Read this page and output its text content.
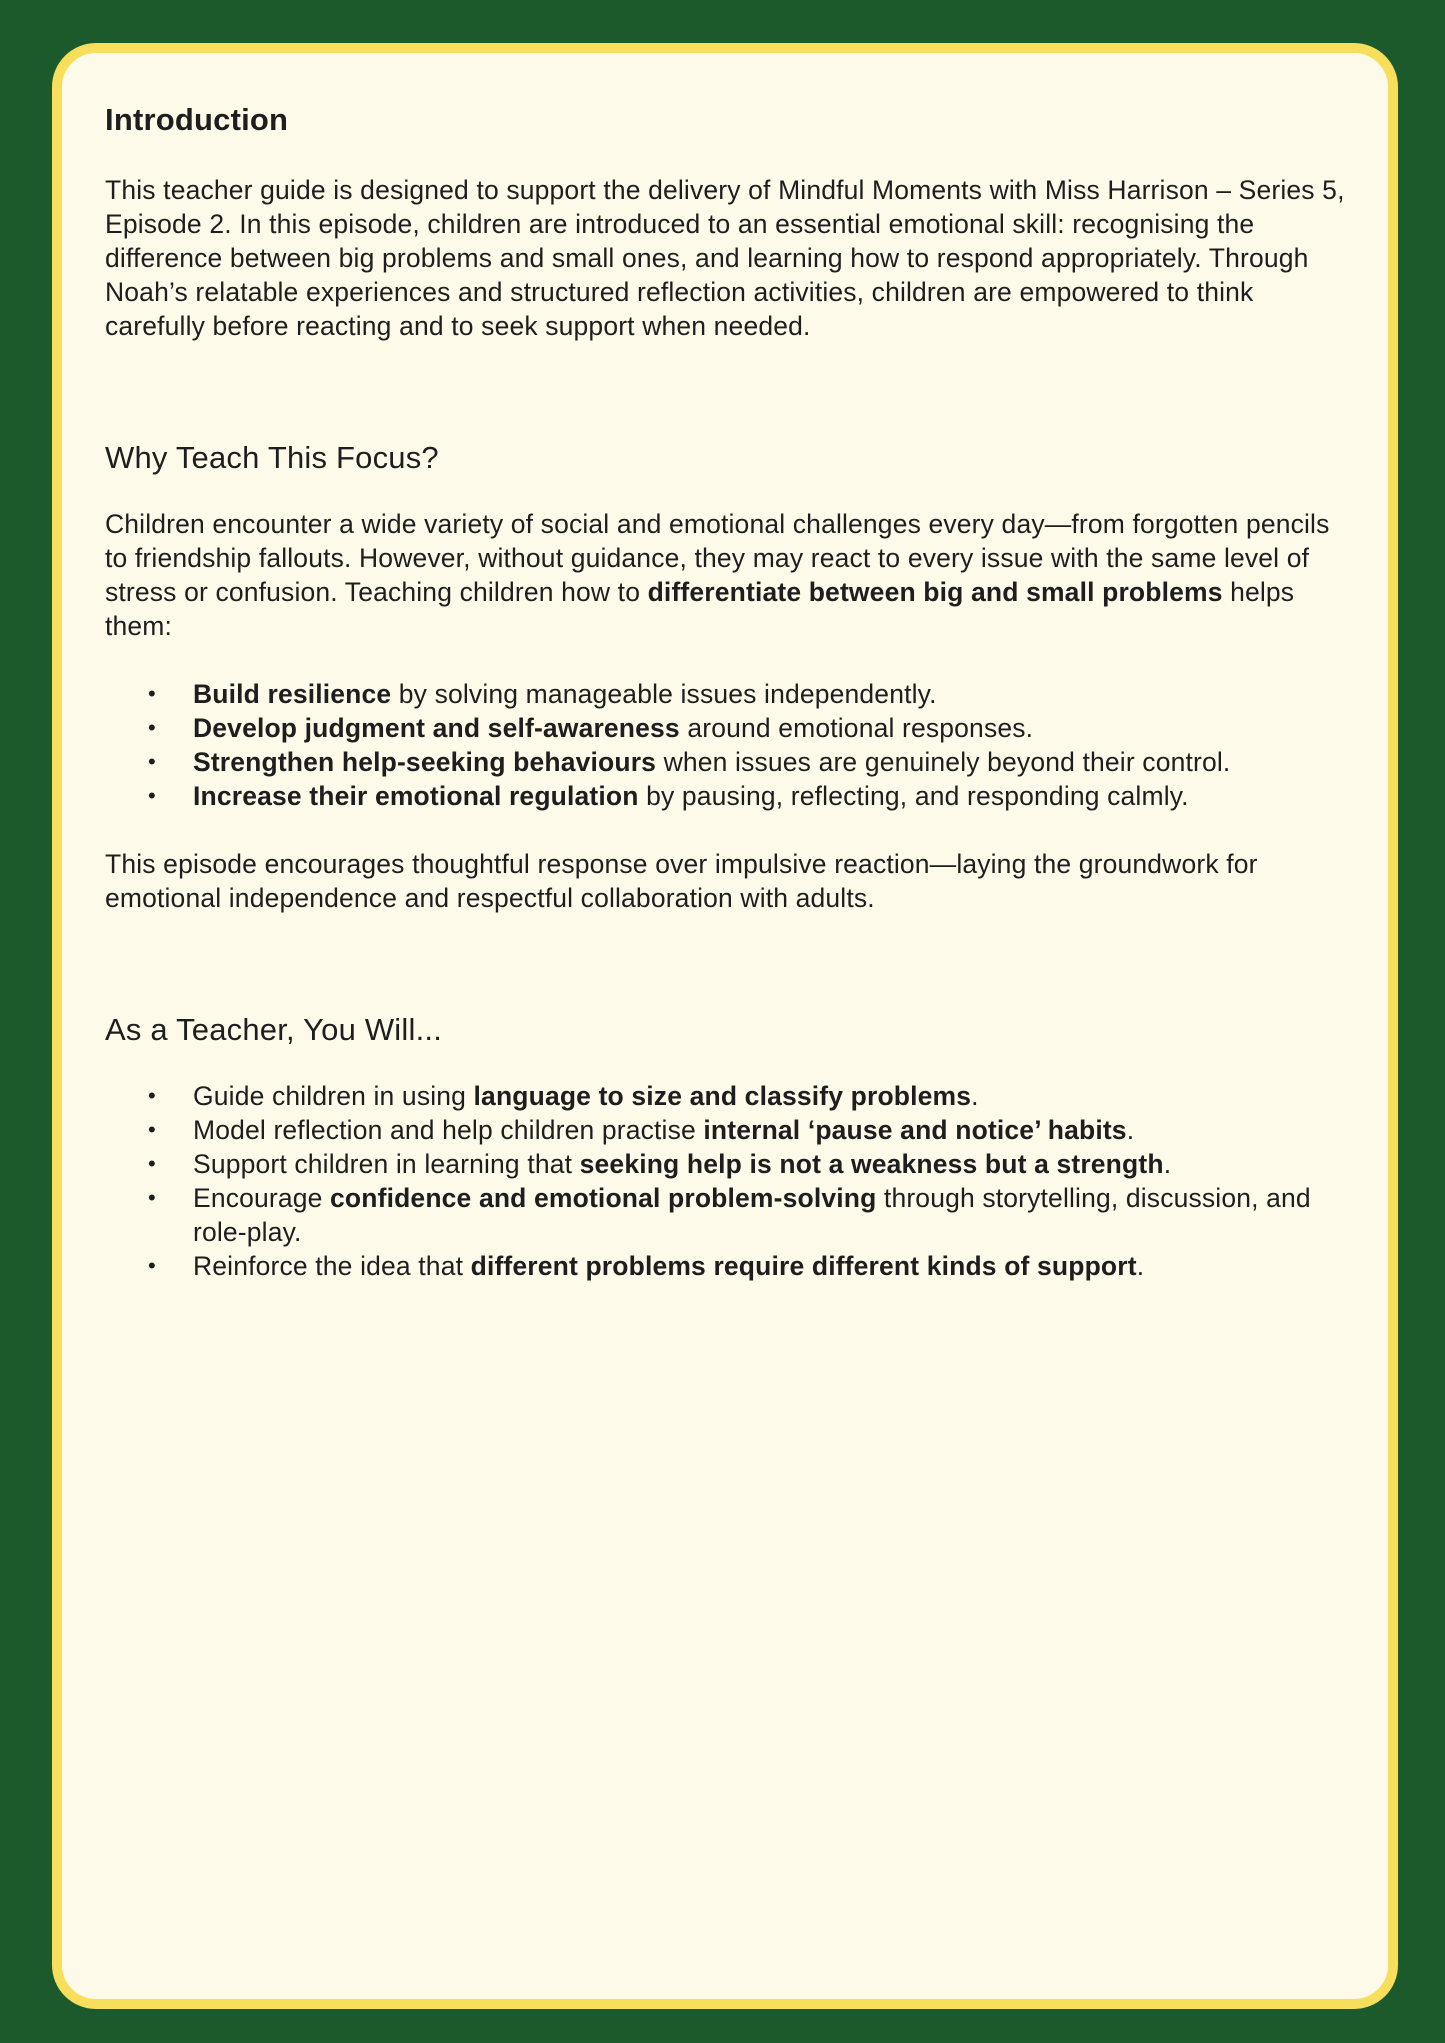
Introduction

This teacher guide is designed to support the delivery of Mindful Moments with Miss Harrison – Series 5, Episode 2. In this episode, children are introduced to an essential emotional skill: recognising the difference between big problems and small ones, and learning how to respond appropriately. Through Noah’s relatable experiences and structured reflection activities, children are empowered to think carefully before reacting and to seek support when needed.

Why Teach This Focus?

Children encounter a wide variety of social and emotional challenges every day—from forgotten pencils to friendship fallouts. However, without guidance, they may react to every issue with the same level of stress or confusion. Teaching children how to differentiate between big and small problems helps them:

• Build resilience by solving manageable issues independently.
• Develop judgment and self-awareness around emotional responses.
• Strengthen help-seeking behaviours when issues are genuinely beyond their control.
• Increase their emotional regulation by pausing, reflecting, and responding calmly.

This episode encourages thoughtful response over impulsive reaction—laying the groundwork for emotional independence and respectful collaboration with adults.

As a Teacher, You Will...
• Guide children in using language to size and classify problems.
• Model reflection and help children practise internal ‘pause and notice’ habits.
• Support children in learning that seeking help is not a weakness but a strength.
• Encourage confidence and emotional problem-solving through storytelling, discussion, and role-play.
• Reinforce the idea that different problems require different kinds of support.
